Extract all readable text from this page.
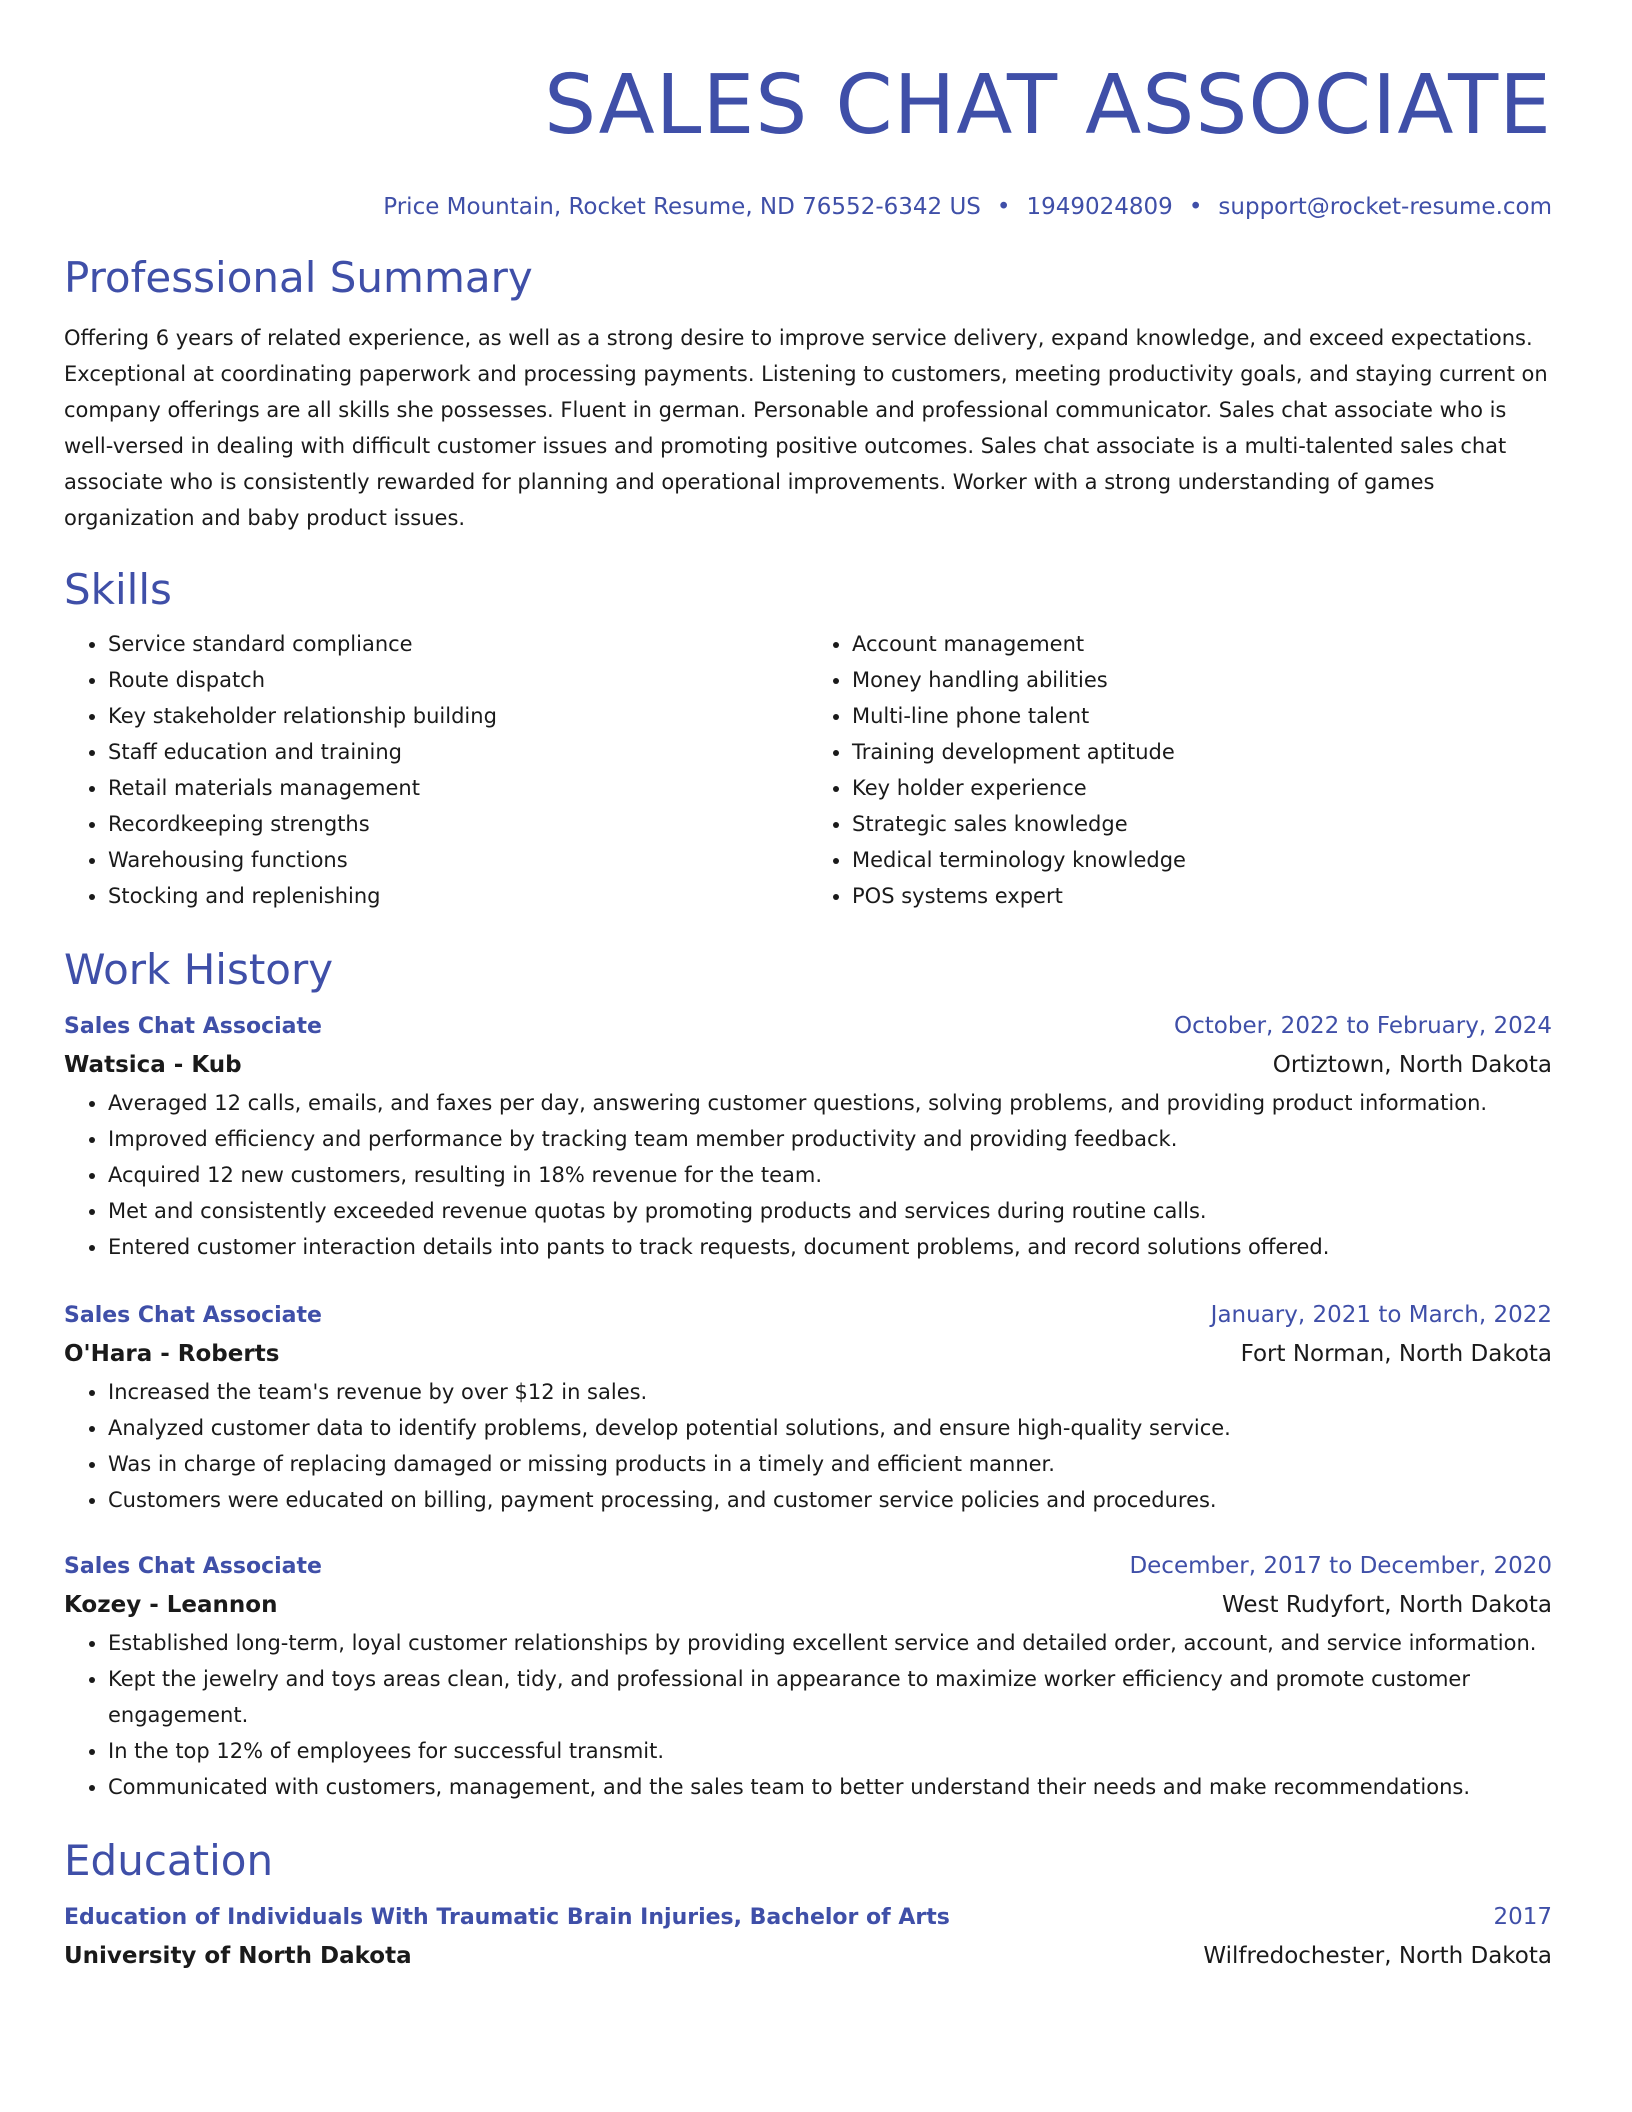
SALES CHAT ASSOCIATE
Price Mountain, Rocket Resume, ND 76552-6342 US • 1949024809 • support@rocket-resume.com
Professional Summary

Offering 6 years of related experience, as well as a strong desire to improve service delivery, expand knowledge, and exceed expectations. Exceptional at coordinating paperwork and processing payments. Listening to customers, meeting productivity goals, and staying current on company offerings are all skills she possesses. Fluent in german. Personable and professional communicator. Sales chat associate who is well-versed in dealing with difficult customer issues and promoting positive outcomes. Sales chat associate is a multi-talented sales chat associate who is consistently rewarded for planning and operational improvements. Worker with a strong understanding of games organization and baby product issues.

Skills
• Service standard compliance
• Route dispatch
• Key stakeholder relationship building
• Staff education and training
• Retail materials management
• Recordkeeping strengths
• Warehousing functions
• Stocking and replenishing
• Account management
• Money handling abilities
• Multi-line phone talent
• Training development aptitude
• Key holder experience
• Strategic sales knowledge
• Medical terminology knowledge
• POS systems expert
Work History
Sales Chat Associate	October, 2022 to February, 2024
Watsica - Kub	Ortiztown, North Dakota
• Averaged 12 calls, emails, and faxes per day, answering customer questions, solving problems, and providing product information.
• Improved efficiency and performance by tracking team member productivity and providing feedback.
• Acquired 12 new customers, resulting in 18% revenue for the team.
• Met and consistently exceeded revenue quotas by promoting products and services during routine calls.
• Entered customer interaction details into pants to track requests, document problems, and record solutions offered.
Sales Chat Associate	January, 2021 to March, 2022
O'Hara - Roberts	Fort Norman, North Dakota
• Increased the team's revenue by over $12 in sales.
• Analyzed customer data to identify problems, develop potential solutions, and ensure high-quality service.
• Was in charge of replacing damaged or missing products in a timely and efficient manner.
• Customers were educated on billing, payment processing, and customer service policies and procedures.
Sales Chat Associate	December, 2017 to December, 2020
Kozey - Leannon	West Rudyfort, North Dakota
• Established long-term, loyal customer relationships by providing excellent service and detailed order, account, and service information.
• Kept the jewelry and toys areas clean, tidy, and professional in appearance to maximize worker efficiency and promote customer engagement.
• In the top 12% of employees for successful transmit.
• Communicated with customers, management, and the sales team to better understand their needs and make recommendations.
Education
Education of Individuals With Traumatic Brain Injuries, Bachelor of Arts	2017
University of North Dakota	Wilfredochester, North Dakota
